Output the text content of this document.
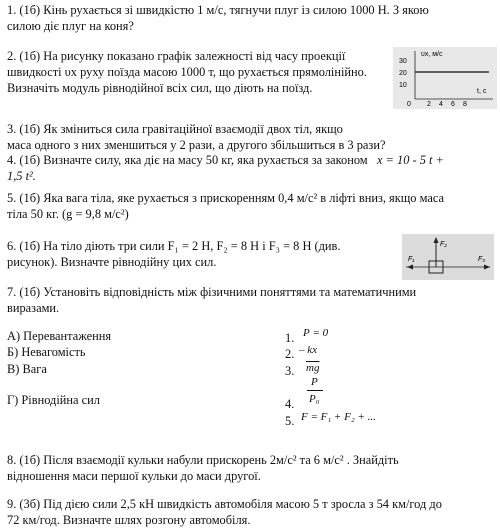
1. (1б) Кінь рухається зі швидкістю 1 м/с, тягнучи плуг із силою 1000 Н. З якою
силою діє плуг на коня?
2. (1б) На рисунку показано графік залежності від часу проекції
швидкості υх руху поїзда масою 1000 т, що рухається прямолінійно.
Визначіть модуль рівнодійної всіх сил, що діють на поїзд.
υx, м/с
30
20
10
0 2 4 6 8
t, с
3. (1б) Як зміниться сила гравітаційної взаємодії двох тіл, якщо
маса одного з них зменшиться у 2 рази, а другого збільшиться в 3 рази?
4. (1б) Визначте силу, яка діє на масу 50 кг, яка рухається за законом x = 10 - 5 t +
1,5 t².
5. (1б) Яка вага тіла, яке рухається з прискоренням 0,4 м/с² в ліфті вниз, якщо маса
тіла 50 кг. (g = 9,8 м/с²)
6. (1б) На тіло діють три сили F₁ = 2 Н, F₂ = 8 Н і F₃ = 8 Н (див.
рисунок). Визначте рівнодійну цих сил.	F₁
F₂
F₃
7. (1б) Установіть відповідність між фізичними поняттями та математичними
виразами.
А) Перевантаження
Б) Невагомість
В) Вага
Г) Рівнодійна сил
1.
2.
3.
4.
5.
Р = 0
– kx
$\overline{mg}$
P
P₀
F = F₁ + F₂ + ...
8. (1б) Після взаємодії кульки набули прискорень 2м/с² та 6 м/с² . Знайдіть
відношення маси першої кульки до маси другої.
9. (3б) Під дією сили 2,5 кН швидкість автомобіля масою 5 т зросла з 54 км/год до
72 км/год. Визначте шлях розгону автомобіля.
